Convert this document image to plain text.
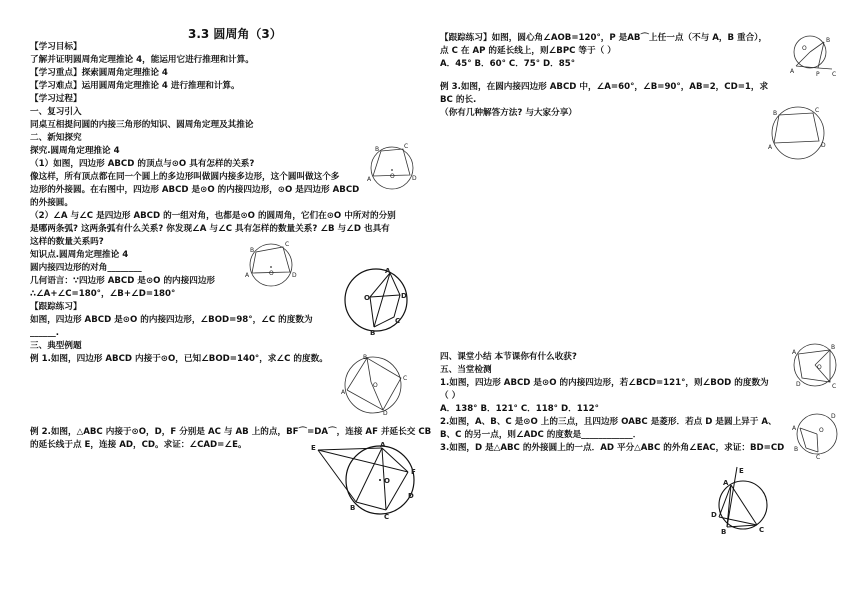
3.3 圆周角（3）
【学习目标】
了解并证明圆周角定理推论 4，能运用它进行推理和计算。
【学习重点】探索圆周角定理推论 4
【学习难点】运用圆周角定理推论 4 进行推理和计算。
【学习过程】
一、复习引入
同桌互相提问圆的内接三角形的知识、圆周角定理及其推论
二、新知探究
探究.圆周角定理推论 4
（1）如图，四边形 ABCD 的顶点与⊙O 具有怎样的关系?
像这样，所有顶点都在同一个圆上的多边形叫做圆内接多边形，这个圆叫做这个多
边形的外接圆。在右图中，四边形 ABCD 是⊙O 的内接四边形，⊙O 是四边形 ABCD
的外接圆。
（2）∠A 与∠C 是四边形 ABCD 的一组对角，也都是⊙O 的圆周角，它们在⊙O 中所对的分别
是哪两条弧? 这两条弧有什么关系? 你发现∠A 与∠C 具有怎样的数量关系? ∠B 与∠D 也具有
这样的数量关系吗?
知识点.圆周角定理推论 4
圆内接四边形的对角________
几何语言：∵四边形 ABCD 是⊙O 的内接四边形
∴∠A+∠C=180°，∠B+∠D=180°
【跟踪练习】
如图，四边形 ABCD 是⊙O 的内接四边形，∠BOD=98°，∠C 的度数为
______.
三、典型例题
例 1.如图，四边形 ABCD 内接于⊙O，已知∠BOD=140°，求∠C 的度数。
例 2.如图，△ABC 内接于⊙O，D，F 分别是 AC 与 AB 上的点，BF⌒=DA⌒，连接 AF 并延长交 CB
的延长线于点 E，连接 AD，CD。求证：∠CAD=∠E。
【跟踪练习】如图，圆心角∠AOB=120°，P 是AB⌒上任一点（不与 A，B 重合），
点 C 在 AP 的延长线上，则∠BPC 等于（ ）
A．45° B．60° C．75° D．85°
例 3.如图，在圆内接四边形 ABCD 中，∠A=60°，∠B=90°，AB=2，CD=1，求
BC 的长.
（你有几种解答方法? 与大家分享）
四、课堂小结 本节课你有什么收获?
五、当堂检测
1.如图，四边形 ABCD 是⊙O 的内接四边形，若∠BCD=121°，则∠BOD 的度数为
（ ）
A．138° B．121° C．118° D．112°
2.如图，A、B、C 是⊙O 上的三点，且四边形 OABC 是菱形．若点 D 是圆上异于 A、
B、C 的另一点，则∠ADC 的度数是____________．
3.如图，D 是△ABC 的外接圆上的一点．AD 平分△ABC 的外角∠EAC，求证：BD=CD
A
B	C
D
O
A
B
C
D
O	A
D
C
B
O
A
B
C
D
O
E	A
F
D
B
C
O
A
B
P C
O
A
B	C
D
A
B
C
D
O
A
B
C
D
O
E
A
D
B	C
